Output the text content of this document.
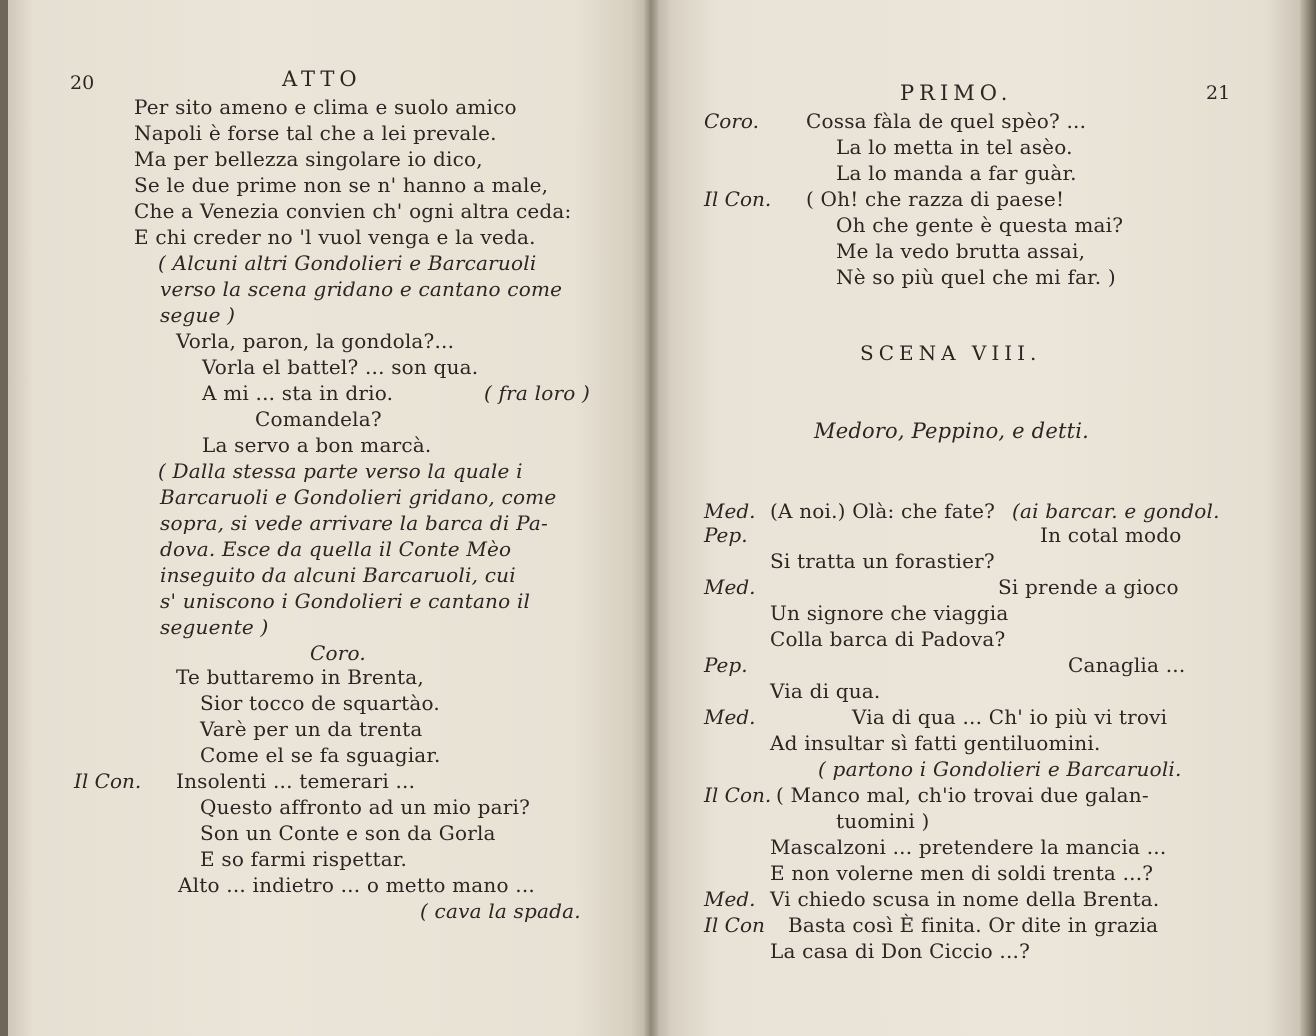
20	ATTO
( fra loro )
PRIMO.	21
SCENA VIII.
Medoro, Peppino, e detti.
Per sito ameno e clima e suolo amico
Napoli è forse tal che a lei prevale.
Ma per bellezza singolare io dico,
Se le due prime non se n' hanno a male,
Che a Venezia convien ch' ogni altra ceda:
E chi creder no 'l vuol venga e la veda.
( Alcuni altri Gondolieri e Barcaruoli
verso la scena gridano e cantano come
segue )
Vorla, paron, la gondola?...
Vorla el battel? ... son qua.
A mi ... sta in drio.
Comandela?
La servo a bon marcà.
( Dalla stessa parte verso la quale i
Barcaruoli e Gondolieri gridano, come
sopra, si vede arrivare la barca di Pa-
dova. Esce da quella il Conte Mèo
inseguito da alcuni Barcaruoli, cui
s' uniscono i Gondolieri e cantano il
seguente )
Coro.
Te buttaremo in Brenta,
Sior tocco de squartào.
Varè per un da trenta
Come el se fa sguagiar.
Insolenti ... temerari ...
Questo affronto ad un mio pari?
Son un Conte e son da Gorla
E so farmi rispettar.
Alto ... indietro ... o metto mano ...
( cava la spada.
Il Con.
Cossa fàla de quel spèo? ...
La lo metta in tel asèo.
La lo manda a far guàr.
( Oh! che razza di paese!
Oh che gente è questa mai?
Me la vedo brutta assai,
Nè so più quel che mi far. )
(A noi.) Olà: che fate? (ai barcar. e gondol.
In cotal modo
Si tratta un forastier?
Si prende a gioco
Un signore che viaggia
Colla barca di Padova?
Canaglia ...
Via di qua.
Via di qua ... Ch' io più vi trovi
Ad insultar sì fatti gentiluomini.
( partono i Gondolieri e Barcaruoli.
( Manco mal, ch'io trovai due galan-
tuomini )
Mascalzoni ... pretendere la mancia ...
E non volerne men di soldi trenta ...?
Vi chiedo scusa in nome della Brenta.
Basta così È finita. Or dite in grazia
La casa di Don Ciccio ...?
Coro.
Il Con.
Med.
Pep.
Med.
Pep.
Med.
Il Con.
Med.
Il Con
